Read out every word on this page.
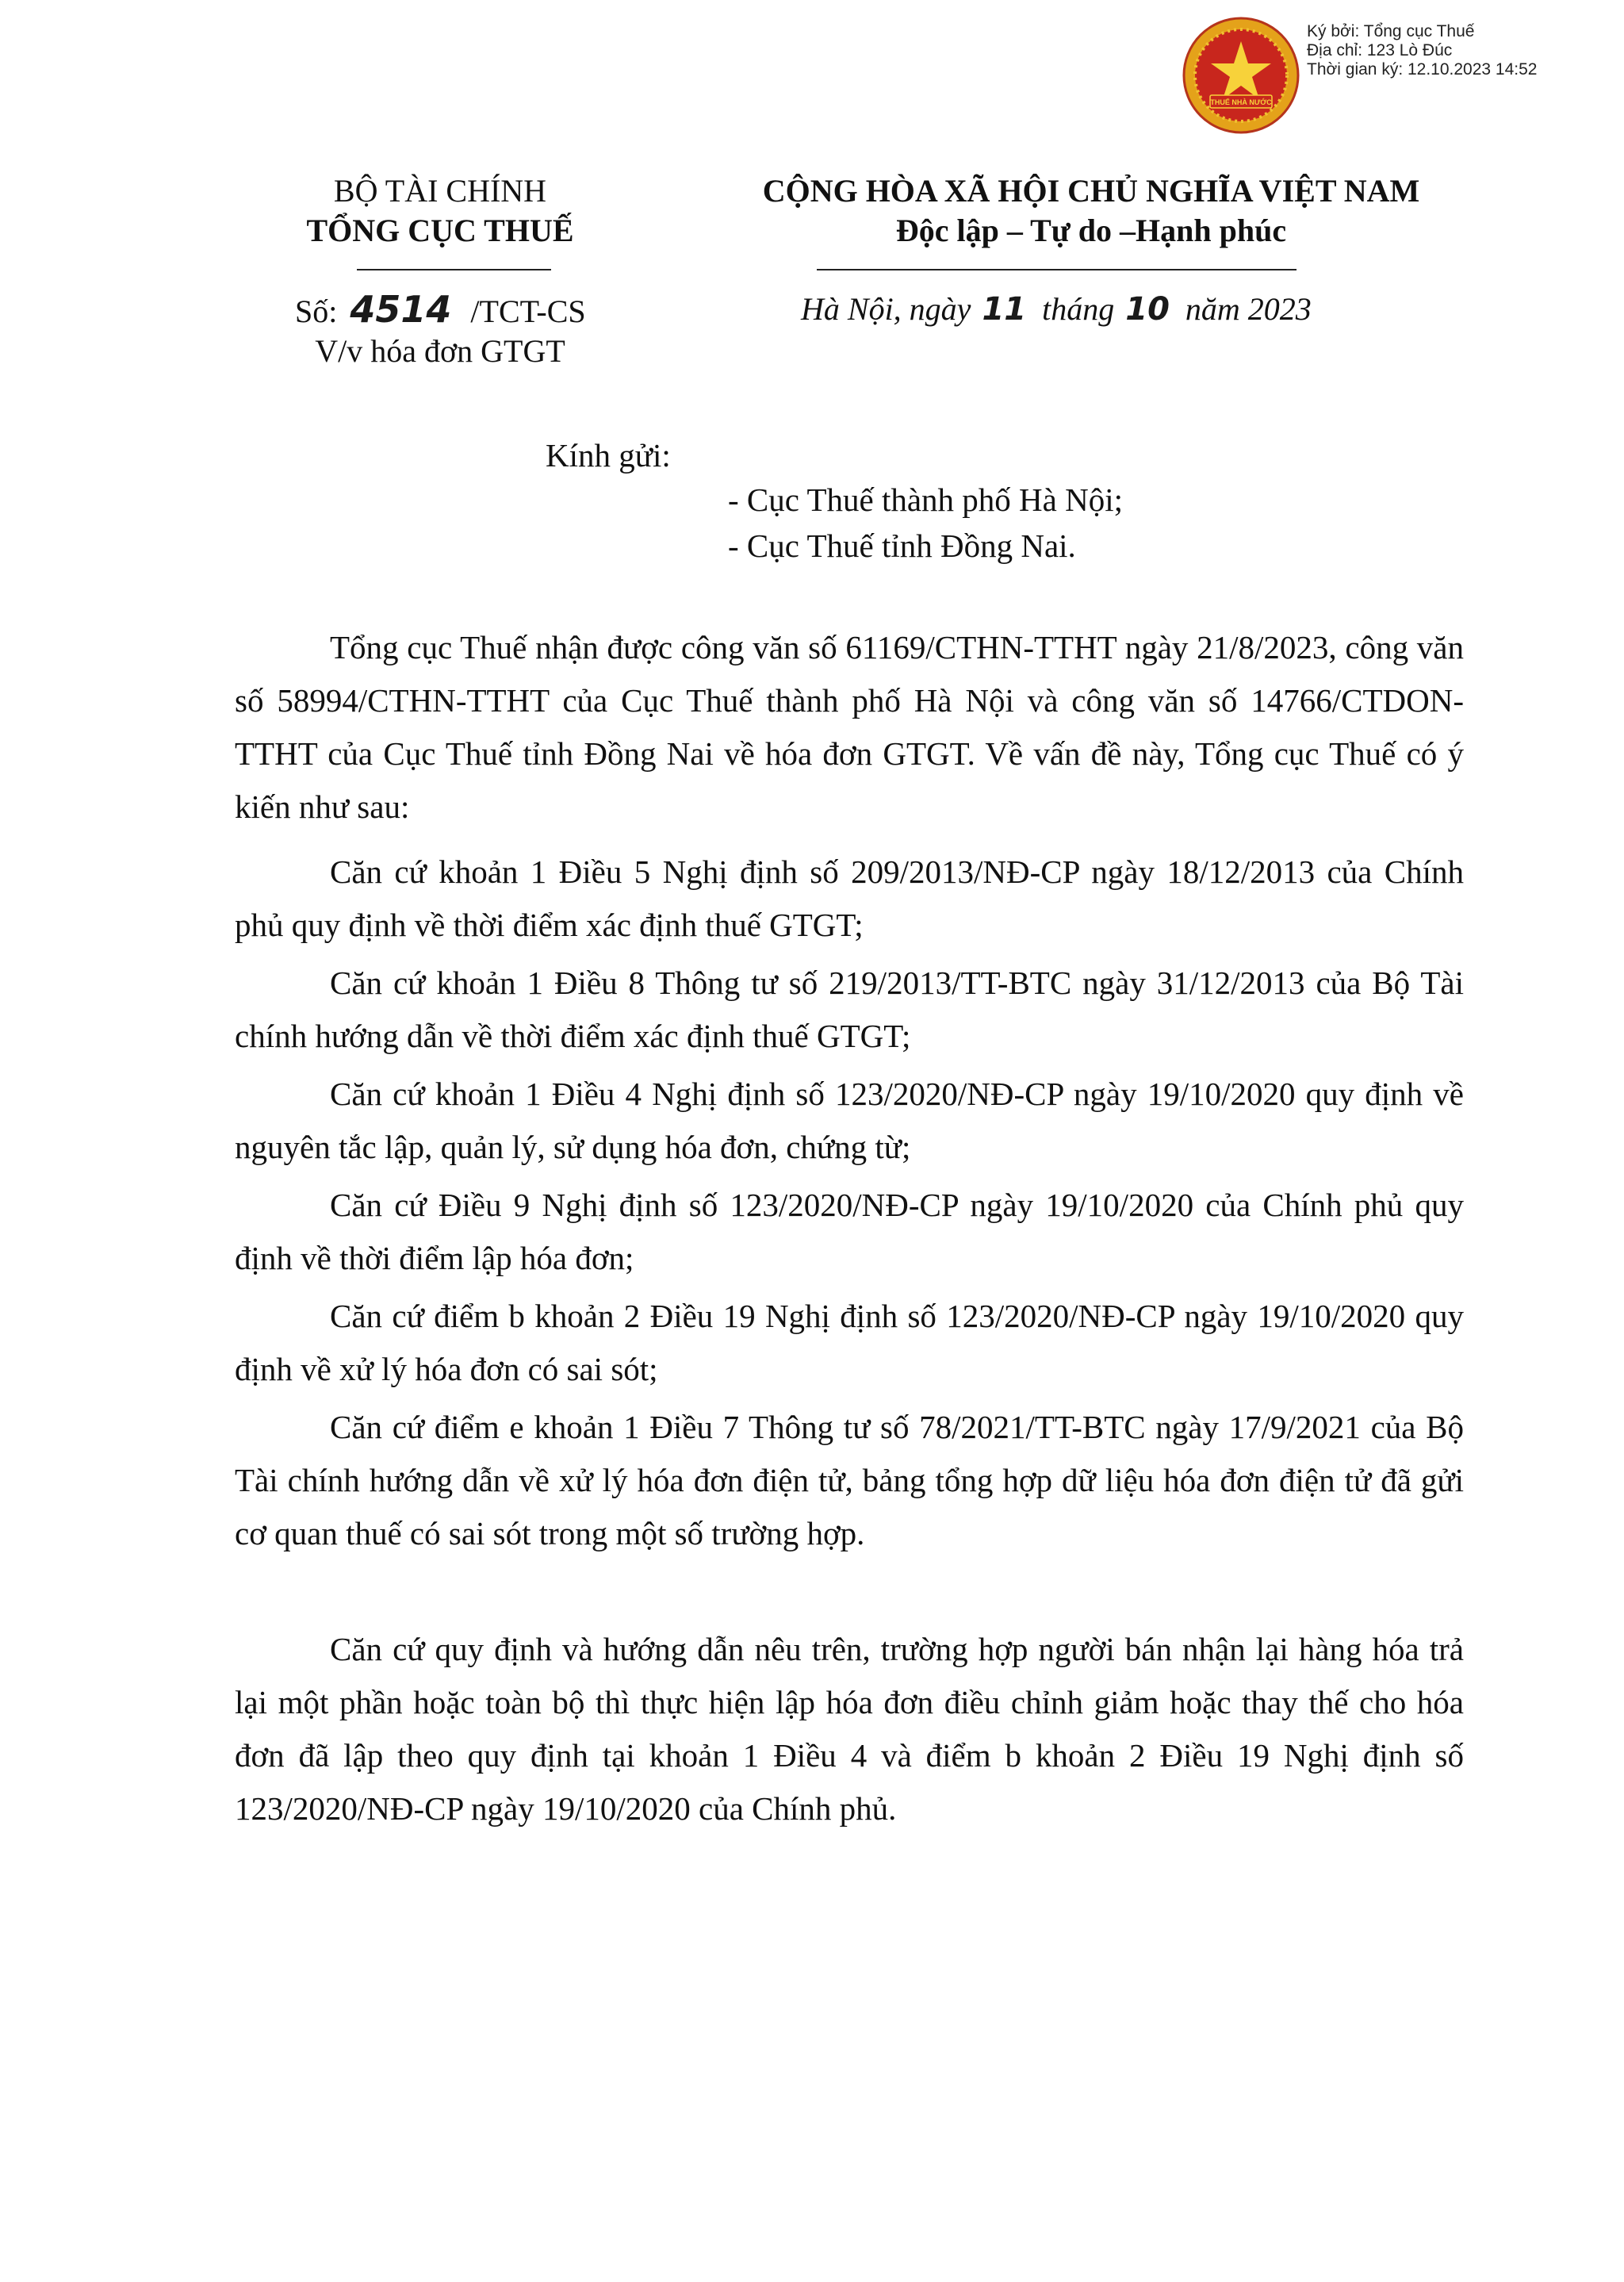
THUẾ NHÀ NƯỚC
Ký bởi: Tổng cục Thuế
Địa chỉ: 123 Lò Đúc
Thời gian ký: 12.10.2023 14:52
BỘ TÀI CHÍNH
TỔNG CỤC THUẾ
Số: 4514 /TCT-CS
V/v hóa đơn GTGT
CỘNG HÒA XÃ HỘI CHỦ NGHĨA VIỆT NAM
Độc lập – Tự do –Hạnh phúc
Hà Nội, ngày 11 tháng 10 năm 2023
Kính gửi:
- Cục Thuế thành phố Hà Nội;
- Cục Thuế tỉnh Đồng Nai.
Tổng cục Thuế nhận được công văn số 61169/CTHN-TTHT ngày 21/8/2023, công văn số 58994/CTHN-TTHT của Cục Thuế thành phố Hà Nội và công văn số 14766/CTDON-TTHT của Cục Thuế tỉnh Đồng Nai về hóa đơn GTGT. Về vấn đề này, Tổng cục Thuế có ý kiến như sau:
Căn cứ khoản 1 Điều 5 Nghị định số 209/2013/NĐ-CP ngày 18/12/2013 của Chính phủ quy định về thời điểm xác định thuế GTGT;
Căn cứ khoản 1 Điều 8 Thông tư số 219/2013/TT-BTC ngày 31/12/2013 của Bộ Tài chính hướng dẫn về thời điểm xác định thuế GTGT;
Căn cứ khoản 1 Điều 4 Nghị định số 123/2020/NĐ-CP ngày 19/10/2020 quy định về nguyên tắc lập, quản lý, sử dụng hóa đơn, chứng từ;
Căn cứ Điều 9 Nghị định số 123/2020/NĐ-CP ngày 19/10/2020 của Chính phủ quy định về thời điểm lập hóa đơn;
Căn cứ điểm b khoản 2 Điều 19 Nghị định số 123/2020/NĐ-CP ngày 19/10/2020 quy định về xử lý hóa đơn có sai sót;
Căn cứ điểm e khoản 1 Điều 7 Thông tư số 78/2021/TT-BTC ngày 17/9/2021 của Bộ Tài chính hướng dẫn về xử lý hóa đơn điện tử, bảng tổng hợp dữ liệu hóa đơn điện tử đã gửi cơ quan thuế có sai sót trong một số trường hợp.
Căn cứ quy định và hướng dẫn nêu trên, trường hợp người bán nhận lại hàng hóa trả lại một phần hoặc toàn bộ thì thực hiện lập hóa đơn điều chỉnh giảm hoặc thay thế cho hóa đơn đã lập theo quy định tại khoản 1 Điều 4 và điểm b khoản 2 Điều 19 Nghị định số 123/2020/NĐ-CP ngày 19/10/2020 của Chính phủ.
